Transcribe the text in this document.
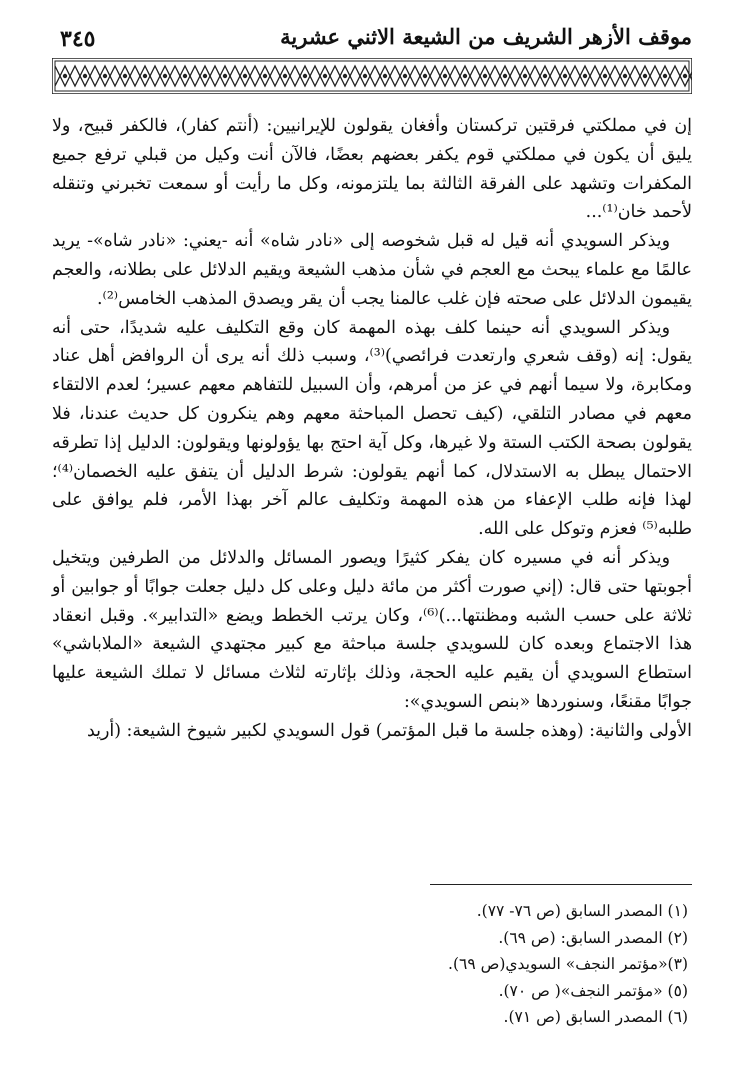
موقف الأزهر الشريف من الشيعة الاثني عشرية
٣٤٥

إن في مملكتي فرقتين تركستان وأفغان يقولون للإيرانيين: (أنتم كفار)، فالكفر قبيح، ولا يليق أن يكون في مملكتي قوم يكفر بعضهم بعضًا، فالآن أنت وكيل من قبلي ترفع جميع المكفرات وتشهد على الفرقة الثالثة بما يلتزمونه، وكل ما رأيت أو سمعت تخبرني وتنقله لأحمد خان⁽¹⁾...

ويذكر السويدي أنه قيل له قبل شخوصه إلى «نادر شاه» أنه -يعني: «نادر شاه»- يريد عالمًا مع علماء يبحث مع العجم في شأن مذهب الشيعة ويقيم الدلائل على بطلانه، والعجم يقيمون الدلائل على صحته فإن غلب عالمنا يجب أن يقر ويصدق المذهب الخامس⁽²⁾.

ويذكر السويدي أنه حينما كلف بهذه المهمة كان وقع التكليف عليه شديدًا، حتى أنه يقول: إنه (وقف شعري وارتعدت فرائصي)⁽³⁾، وسبب ذلك أنه يرى أن الروافض أهل عناد ومكابرة، ولا سيما أنهم في عز من أمرهم، وأن السبيل للتفاهم معهم عسير؛ لعدم الالتقاء معهم في مصادر التلقي، (كيف تحصل المباحثة معهم وهم ينكرون كل حديث عندنا، فلا يقولون بصحة الكتب الستة ولا غيرها، وكل آية احتج بها يؤولونها ويقولون: الدليل إذا تطرقه الاحتمال يبطل به الاستدلال، كما أنهم يقولون: شرط الدليل أن يتفق عليه الخصمان⁽⁴⁾؛ لهذا فإنه طلب الإعفاء من هذه المهمة وتكليف عالم آخر بهذا الأمر، فلم يوافق على طلبه⁽⁵⁾ فعزم وتوكل على الله.

ويذكر أنه في مسيره كان يفكر كثيرًا ويصور المسائل والدلائل من الطرفين ويتخيل أجوبتها حتى قال: (إني صورت أكثر من مائة دليل وعلى كل دليل جعلت جوابًا أو جوابين أو ثلاثة على حسب الشبه ومظنتها...)⁽⁶⁾، وكان يرتب الخطط ويضع «التدابير». وقبل انعقاد هذا الاجتماع وبعده كان للسويدي جلسة مباحثة مع كبير مجتهدي الشيعة «الملاباشي» استطاع السويدي أن يقيم عليه الحجة، وذلك بإثارته لثلاث مسائل لا تملك الشيعة عليها جوابًا مقنعًا، وسنوردها «بنص السويدي»:

الأولى والثانية: (وهذه جلسة ما قبل المؤتمر) قول السويدي لكبير شيوخ الشيعة: (أريد

(١) المصدر السابق (ص ٧٦- ٧٧).
(٢) المصدر السابق: (ص ٦٩).
(٣)«مؤتمر النجف» السويدي(ص ٦٩).
(٥) «مؤتمر النجف»( ص ٧٠).
(٦) المصدر السابق (ص ٧١).
